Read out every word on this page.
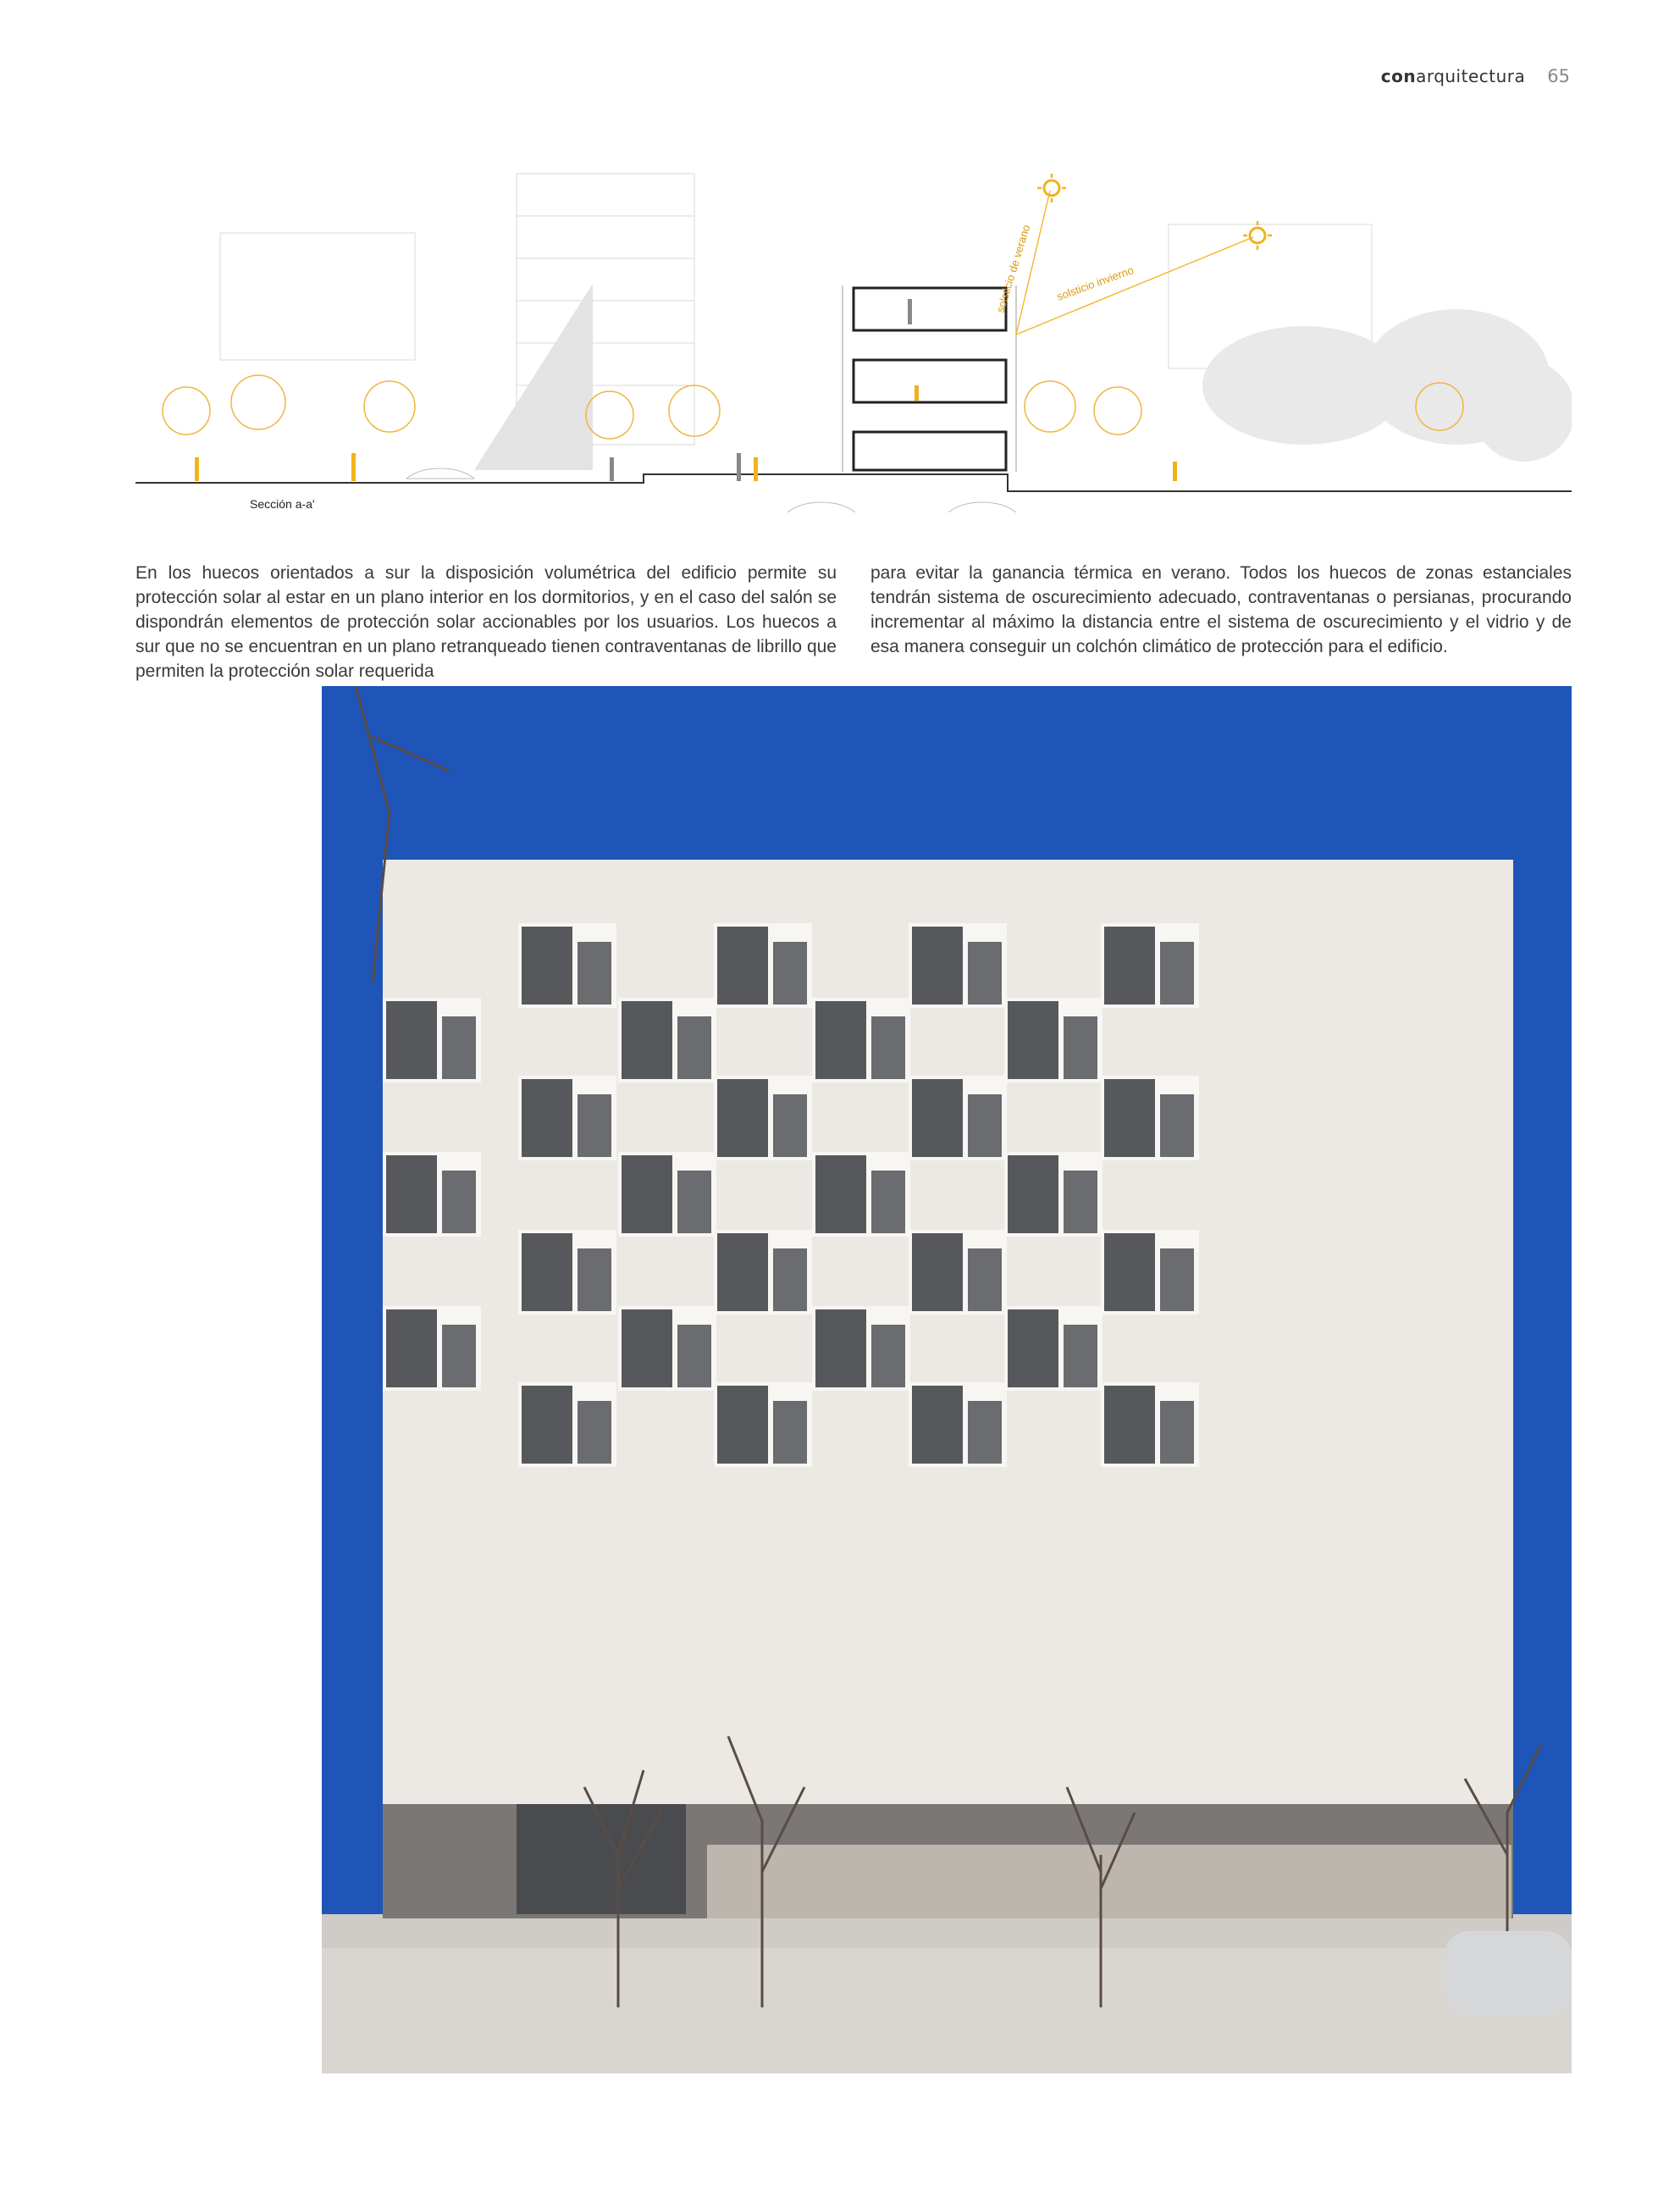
conarquitectura 65
solsticio de verano solsticio invierno
Sección a-a'

En los huecos orientados a sur la disposición volumétrica del edificio permite su protección solar al estar en un plano interior en los dormitorios, y en el caso del salón se dispondrán elementos de protección solar accionables por los usuarios. Los huecos a sur que no se encuentran en un plano retranqueado tienen contraventanas de librillo que permiten la protección solar requerida

para evitar la ganancia térmica en verano. Todos los huecos de zonas estanciales tendrán sistema de oscurecimiento adecuado, contraventanas o persianas, procurando incrementar al máximo la distancia entre el sistema de oscurecimiento y el vidrio y de esa manera conseguir un colchón climático de protección para el edificio.
